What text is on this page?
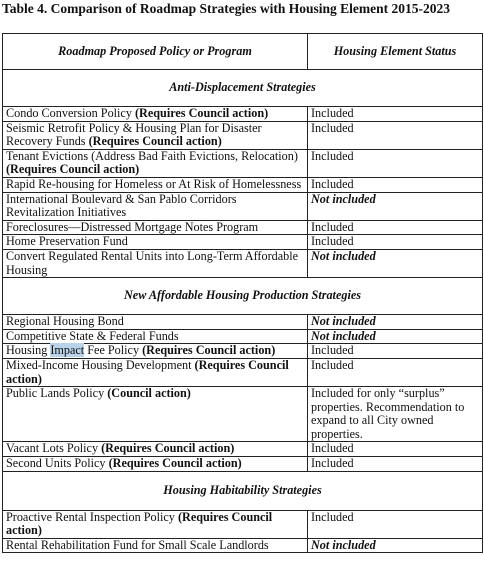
Table 4. Comparison of Roadmap Strategies with Housing Element 2015-2023
Roadmap Proposed Policy or Program	Housing Element Status
Anti-Displacement Strategies	
Condo Conversion Policy (Requires Council action)	Included
Seismic Retrofit Policy & Housing Plan for Disaster Recovery Funds (Requires Council action)	Included
Tenant Evictions (Address Bad Faith Evictions, Relocation) (Requires Council action)	Included
Rapid Re-housing for Homeless or At Risk of Homelessness	Included
International Boulevard & San Pablo Corridors Revitalization Initiatives	Not included
Foreclosures—Distressed Mortgage Notes Program	Included
Home Preservation Fund	Included
Convert Regulated Rental Units into Long-Term Affordable Housing	Not included
New Affordable Housing Production Strategies	
Regional Housing Bond	Not included
Competitive State & Federal Funds	Not included
Housing Impact Fee Policy (Requires Council action)	Included
Mixed-Income Housing Development (Requires Council action)	Included
Public Lands Policy (Council action)	Included for only “surplus” properties. Recommendation to expand to all City owned properties.
Vacant Lots Policy (Requires Council action)	Included
Second Units Policy (Requires Council action)	Included
Housing Habitability Strategies	
Proactive Rental Inspection Policy (Requires Council action)	Included
Rental Rehabilitation Fund for Small Scale Landlords	Not included
